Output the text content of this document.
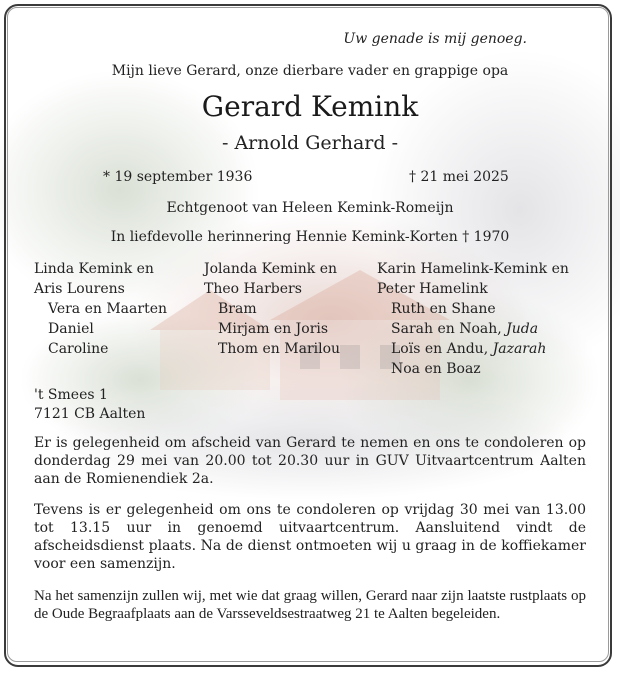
Uw genade is mij genoeg.
Mijn lieve Gerard, onze dierbare vader en grappige opa
Gerard Kemink
- Arnold Gerhard -
* 19 september 1936	† 21 mei 2025
Echtgenoot van Heleen Kemink-Romeijn
In liefdevolle herinnering Hennie Kemink-Korten † 1970
Linda Kemink en
Aris Lourens
Vera en Maarten
Daniel
Caroline
Jolanda Kemink en
Theo Harbers
Bram
Mirjam en Joris
Thom en Marilou
Karin Hamelink-Kemink en
Peter Hamelink
Ruth en Shane
Sarah en Noah, Juda
Loïs en Andu, Jazarah
Noa en Boaz
't Smees 1
7121 CB Aalten
Er is gelegenheid om afscheid van Gerard te nemen en ons te condoleren op donderdag 29 mei van 20.00 tot 20.30 uur in GUV Uitvaartcentrum Aalten aan de Romienendiek 2a.
Tevens is er gelegenheid om ons te condoleren op vrijdag 30 mei van 13.00 tot 13.15 uur in genoemd uitvaartcentrum. Aansluitend vindt de afscheidsdienst plaats. Na de dienst ontmoeten wij u graag in de koffiekamer voor een samenzijn.
Na het samenzijn zullen wij, met wie dat graag willen, Gerard naar zijn laatste rustplaats op de Oude Begraafplaats aan de Varsseveldsestraatweg 21 te Aalten begeleiden.
